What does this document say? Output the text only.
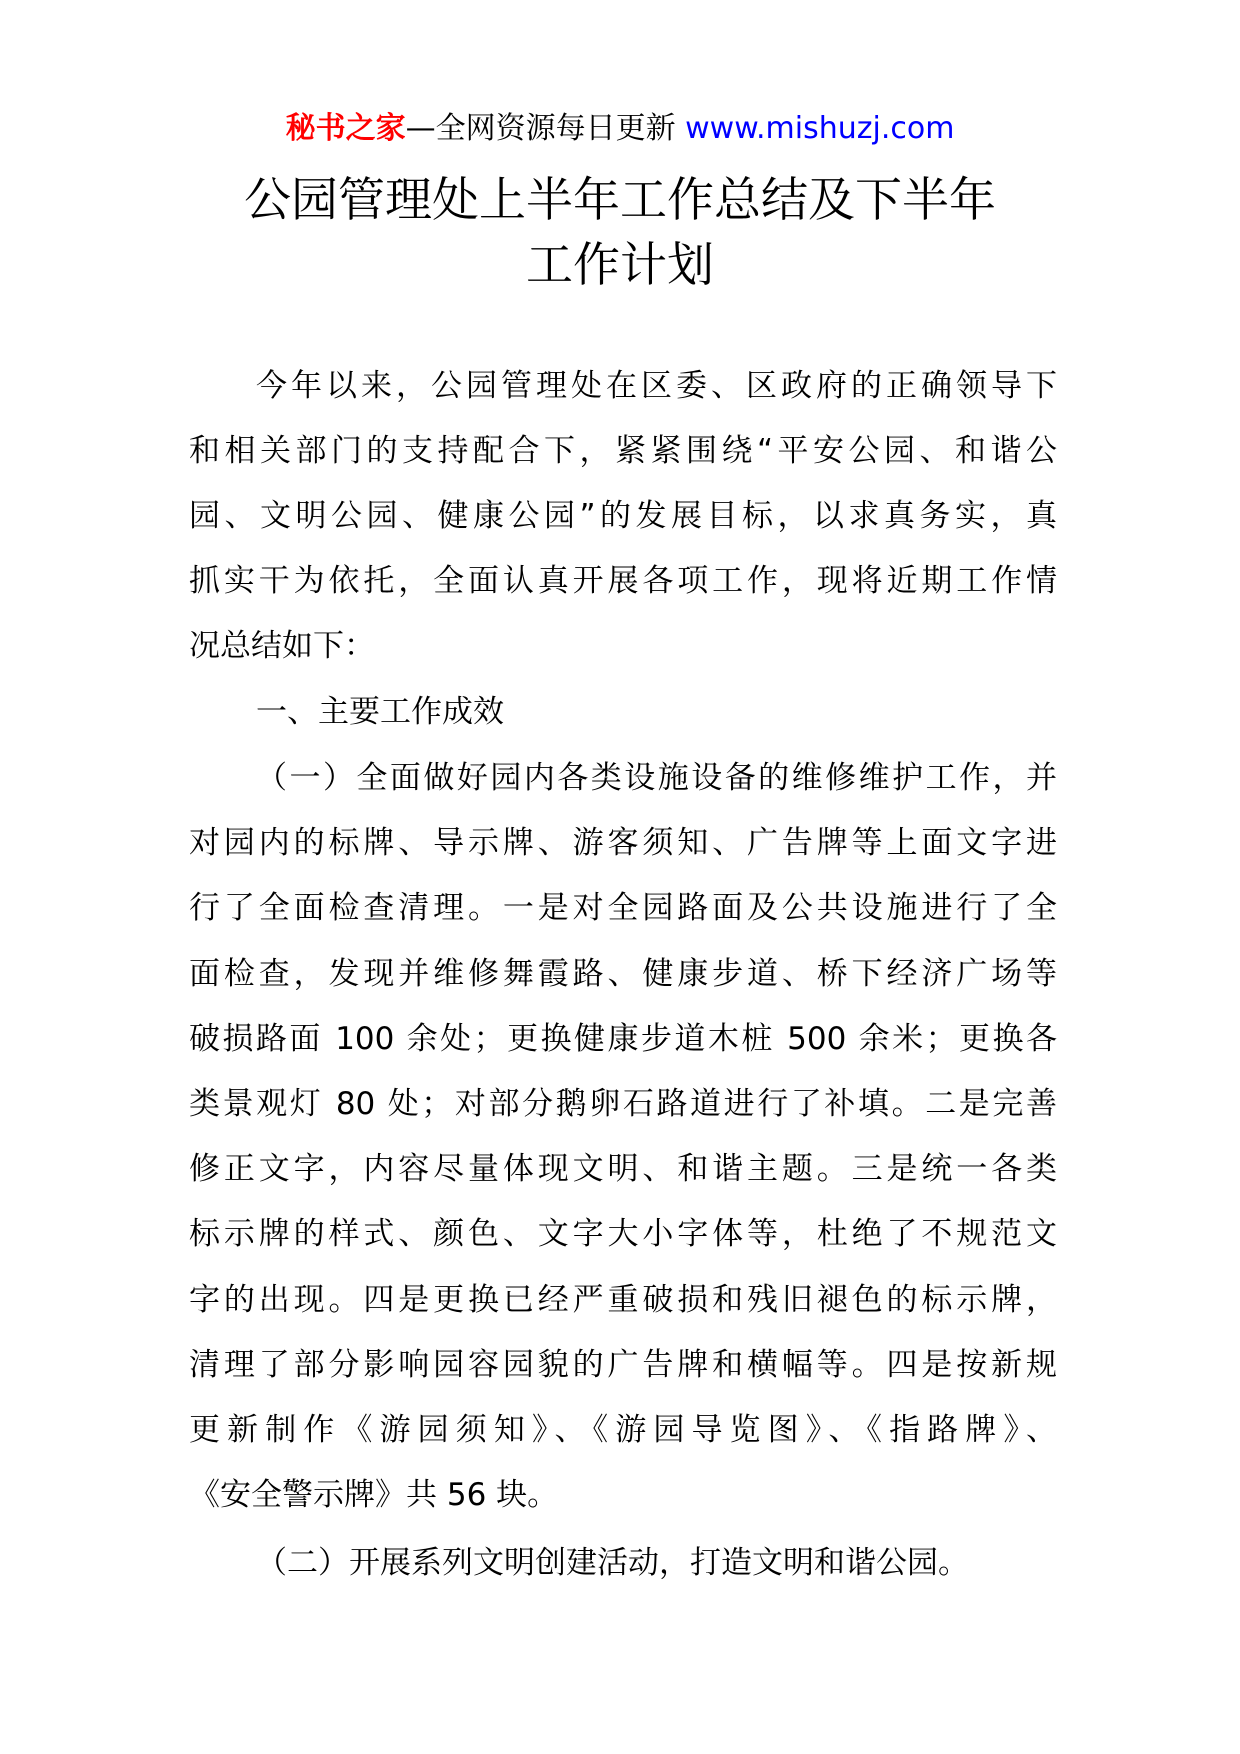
秘书之家—全网资源每日更新 www.mishuzj.com
公园管理处上半年工作总结及下半年
工作计划
今年以来，公园管理处在区委、区政府的正确领导下
和相关部门的支持配合下，紧紧围绕“平安公园、和谐公
园、文明公园、健康公园”的发展目标，以求真务实，真
抓实干为依托，全面认真开展各项工作，现将近期工作情
况总结如下：
一、主要工作成效
（一）全面做好园内各类设施设备的维修维护工作，并
对园内的标牌、导示牌、游客须知、广告牌等上面文字进
行了全面检查清理。一是对全园路面及公共设施进行了全
面检查，发现并维修舞霞路、健康步道、桥下经济广场等
破损路面 100 余处；更换健康步道木桩 500 余米；更换各
类景观灯 80 处；对部分鹅卵石路道进行了补填。二是完善
修正文字，内容尽量体现文明、和谐主题。三是统一各类
标示牌的样式、颜色、文字大小字体等，杜绝了不规范文
字的出现。四是更换已经严重破损和残旧褪色的标示牌，
清理了部分影响园容园貌的广告牌和横幅等。四是按新规
更新制作《游园须知》、《游园导览图》、《指路牌》、
《安全警示牌》共 56 块。
（二）开展系列文明创建活动，打造文明和谐公园。
